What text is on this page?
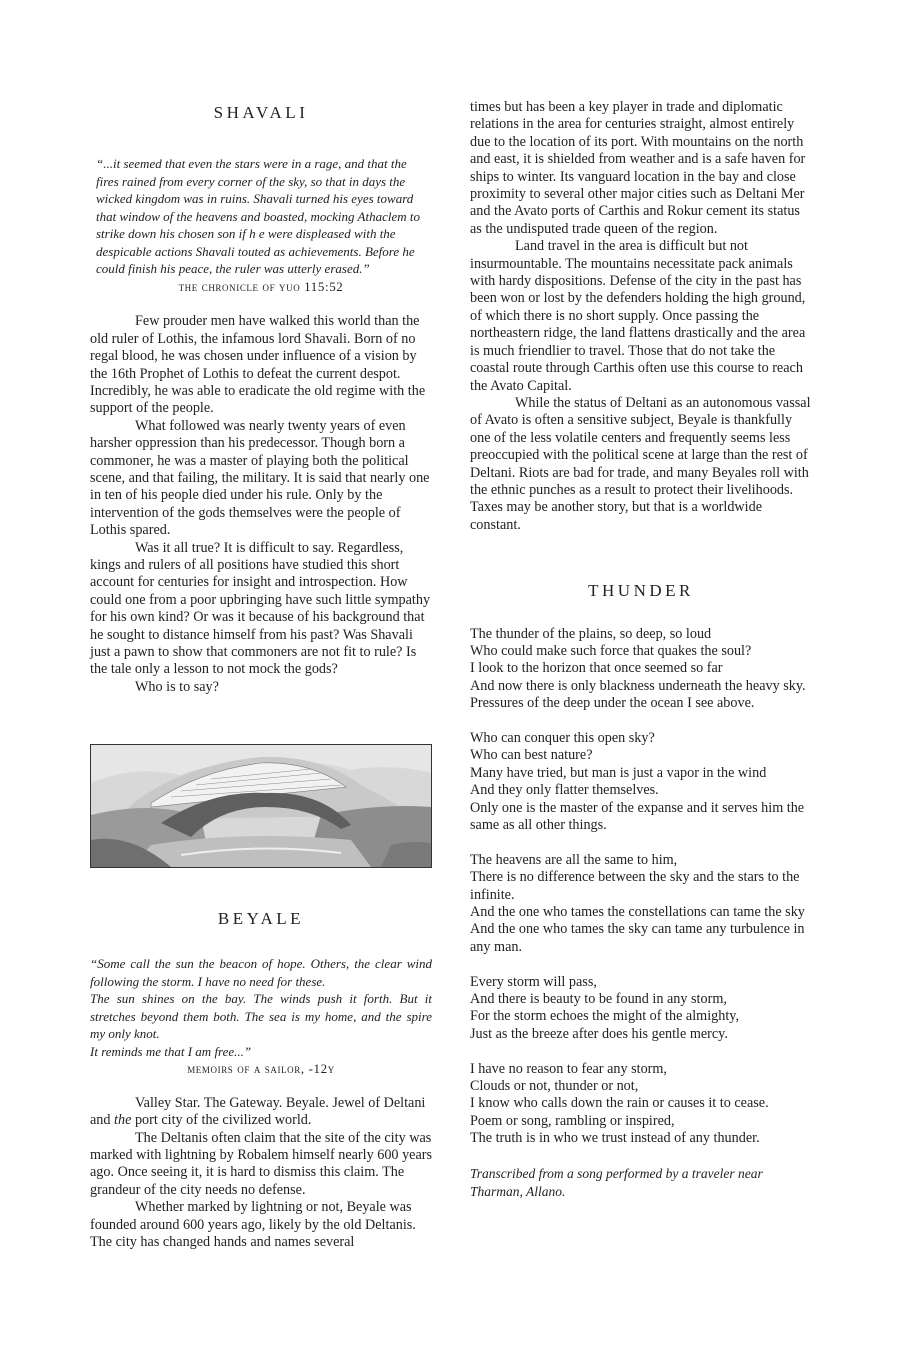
SHAVALI
“...it seemed that even the stars were in a rage, and that the fires rained from every corner of the sky, so that in days the wicked kingdom was in ruins. Shavali turned his eyes toward that window of the heavens and boasted, mocking Athaclem to strike down his chosen son if h e were displeased with the despicable actions Shavali touted as achievements. Before he could finish his peace, the ruler was utterly erased.”
the chronicle of yuo 115:52

Few prouder men have walked this world than the old ruler of Lothis, the infamous lord Shavali. Born of no regal blood, he was chosen under influence of a vision by the 16th Prophet of Lothis to defeat the current despot. Incredibly, he was able to eradicate the old regime with the support of the people.

What followed was nearly twenty years of even harsher oppression than his predecessor. Though born a commoner, he was a master of playing both the political scene, and that failing, the military. It is said that nearly one in ten of his people died under his rule. Only by the intervention of the gods themselves were the people of Lothis spared.

Was it all true? It is difficult to say. Regardless, kings and rulers of all positions have studied this short account for centuries for insight and introspection. How could one from a poor upbringing have such little sympathy for his own kind? Or was it because of his background that he sought to distance himself from his past? Was Shavali just a pawn to show that commoners are not fit to rule? Is the tale only a lesson to not mock the gods?

Who is to say?

BEYALE
“Some call the sun the beacon of hope. Others, the clear wind following the storm. I have no need for these.
The sun shines on the bay. The winds push it forth. But it stretches beyond them both. The sea is my home, and the spire my only knot.
It reminds me that I am free...”
memoirs of a sailor, -12y

Valley Star. The Gateway. Beyale. Jewel of Deltani and the port city of the civilized world.

The Deltanis often claim that the site of the city was marked with lightning by Robalem himself nearly 600 years ago. Once seeing it, it is hard to dismiss this claim. The grandeur of the city needs no defense.

Whether marked by lightning or not, Beyale was founded around 600 years ago, likely by the old Deltanis. The city has changed hands and names several

times but has been a key player in trade and diplomatic relations in the area for centuries straight, almost entirely due to the location of its port. With mountains on the north and east, it is shielded from weather and is a safe haven for ships to winter. Its vanguard location in the bay and close proximity to several other major cities such as Deltani Mer and the Avato ports of Carthis and Rokur cement its status as the undisputed trade queen of the region.

Land travel in the area is difficult but not insurmountable. The mountains necessitate pack animals with hardy dispositions. Defense of the city in the past has been won or lost by the defenders holding the high ground, of which there is no short supply. Once passing the northeastern ridge, the land flattens drastically and the area is much friendlier to travel. Those that do not take the coastal route through Carthis often use this course to reach the Avato Capital.

While the status of Deltani as an autonomous vassal of Avato is often a sensitive subject, Beyale is thankfully one of the less volatile centers and frequently seems less preoccupied with the political scene at large than the rest of Deltani. Riots are bad for trade, and many Beyales roll with the ethnic punches as a result to protect their livelihoods. Taxes may be another story, but that is a worldwide constant.

THUNDER
The thunder of the plains, so deep, so loud
Who could make such force that quakes the soul?
I look to the horizon that once seemed so far
And now there is only blackness underneath the heavy sky.
Pressures of the deep under the ocean I see above.
Who can conquer this open sky?
Who can best nature?
Many have tried, but man is just a vapor in the wind
And they only flatter themselves.
Only one is the master of the expanse and it serves him the same as all other things.
The heavens are all the same to him,
There is no difference between the sky and the stars to the infinite.
And the one who tames the constellations can tame the sky
And the one who tames the sky can tame any turbulence in any man.
Every storm will pass,
And there is beauty to be found in any storm,
For the storm echoes the might of the almighty,
Just as the breeze after does his gentle mercy.
I have no reason to fear any storm,
Clouds or not, thunder or not,
I know who calls down the rain or causes it to cease.
Poem or song, rambling or inspired,
The truth is in who we trust instead of any thunder.
Transcribed from a song performed by a traveler near Tharman, Allano.
